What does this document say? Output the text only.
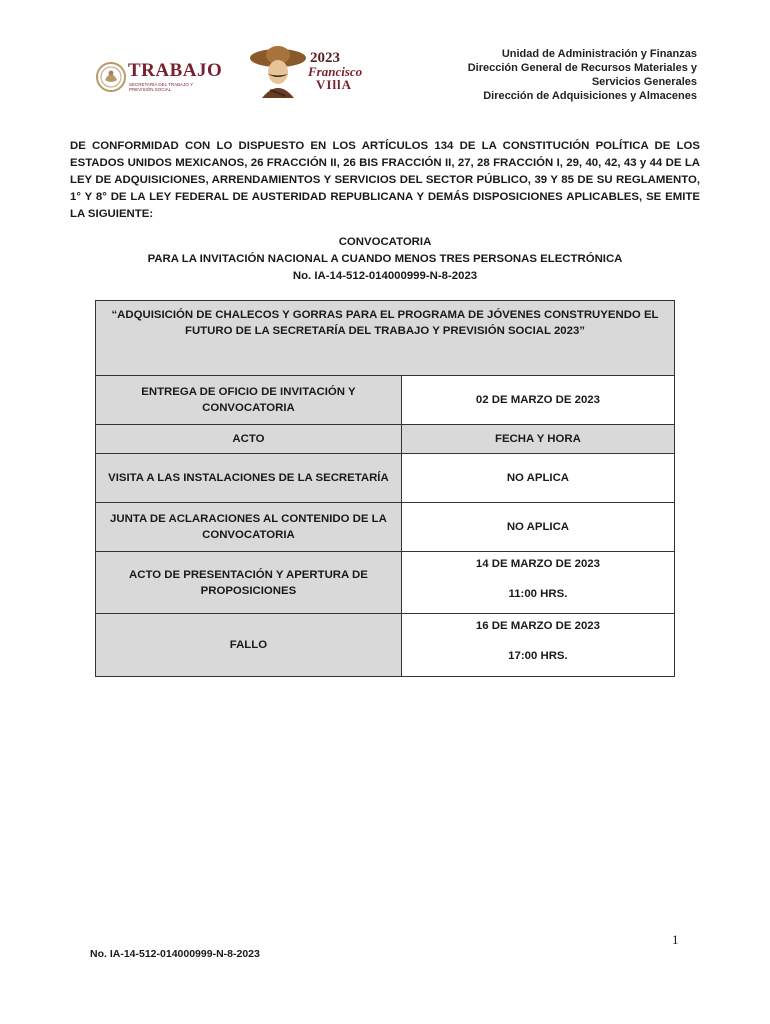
TRABAJO
SECRETARÍA DEL TRABAJO Y PREVISIÓN SOCIAL
2023
Francisco
VIllA
Unidad de Administración y Finanzas
Dirección General de Recursos Materiales y
Servicios Generales
Dirección de Adquisiciones y Almacenes
DE CONFORMIDAD CON LO DISPUESTO EN LOS ARTÍCULOS 134 DE LA CONSTITUCIÓN POLÍTICA DE LOS ESTADOS UNIDOS MEXICANOS, 26 FRACCIÓN II, 26 BIS FRACCIÓN II, 27, 28 FRACCIÓN I, 29, 40, 42, 43 y 44 DE LA LEY DE ADQUISICIONES, ARRENDAMIENTOS Y SERVICIOS DEL SECTOR PÚBLICO, 39 Y 85 DE SU REGLAMENTO, 1° Y 8° DE LA LEY FEDERAL DE AUSTERIDAD REPUBLICANA Y DEMÁS DISPOSICIONES APLICABLES, SE EMITE LA SIGUIENTE:
CONVOCATORIA
PARA LA INVITACIÓN NACIONAL A CUANDO MENOS TRES PERSONAS ELECTRÓNICA
No. IA-14-512-014000999-N-8-2023
“ADQUISICIÓN DE CHALECOS Y GORRAS PARA EL PROGRAMA DE JÓVENES CONSTRUYENDO EL FUTURO DE LA SECRETARÍA DEL TRABAJO Y PREVISIÓN SOCIAL 2023”	
ENTREGA DE OFICIO DE INVITACIÓN Y CONVOCATORIA	02 DE MARZO DE 2023
ACTO	FECHA Y HORA
VISITA A LAS INSTALACIONES DE LA SECRETARÍA	NO APLICA
JUNTA DE ACLARACIONES AL CONTENIDO DE LA CONVOCATORIA	NO APLICA
ACTO DE PRESENTACIÓN Y APERTURA DE PROPOSICIONES	14 DE MARZO DE 2023
11:00 HRS.

FALLO	16 DE MARZO DE 2023
17:00 HRS.
1
No. IA-14-512-014000999-N-8-2023
